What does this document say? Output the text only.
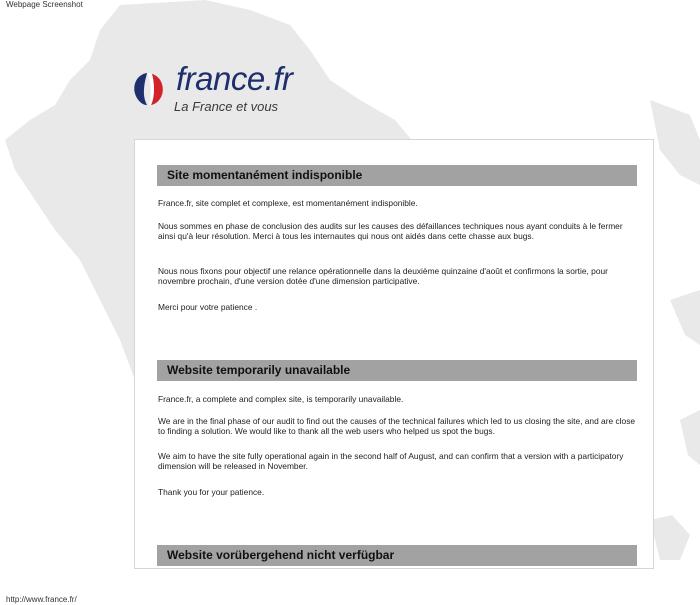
Webpage Screenshot
france.fr
La France et vous
Site momentanément indisponible

France.fr, site complet et complexe, est momentanément indisponible.

Nous sommes en phase de conclusion des audits sur les causes des défaillances techniques nous ayant conduits à le fermer ainsi qu'à leur résolution. Merci à tous les internautes qui nous ont aidés dans cette chasse aux bugs.

Nous nous fixons pour objectif une relance opérationnelle dans la deuxième quinzaine d'août et confirmons la sortie, pour novembre prochain, d'une version dotée d'une dimension participative.

Merci pour votre patience .

Website temporarily unavailable

France.fr, a complete and complex site, is temporarily unavailable.

We are in the final phase of our audit to find out the causes of the technical failures which led to us closing the site, and are close to finding a solution. We would like to thank all the web users who helped us spot the bugs.

We aim to have the site fully operational again in the second half of August, and can confirm that a version with a participatory dimension will be released in November.

Thank you for your patience.

Website vorübergehend nicht verfügbar
http://www.france.fr/
